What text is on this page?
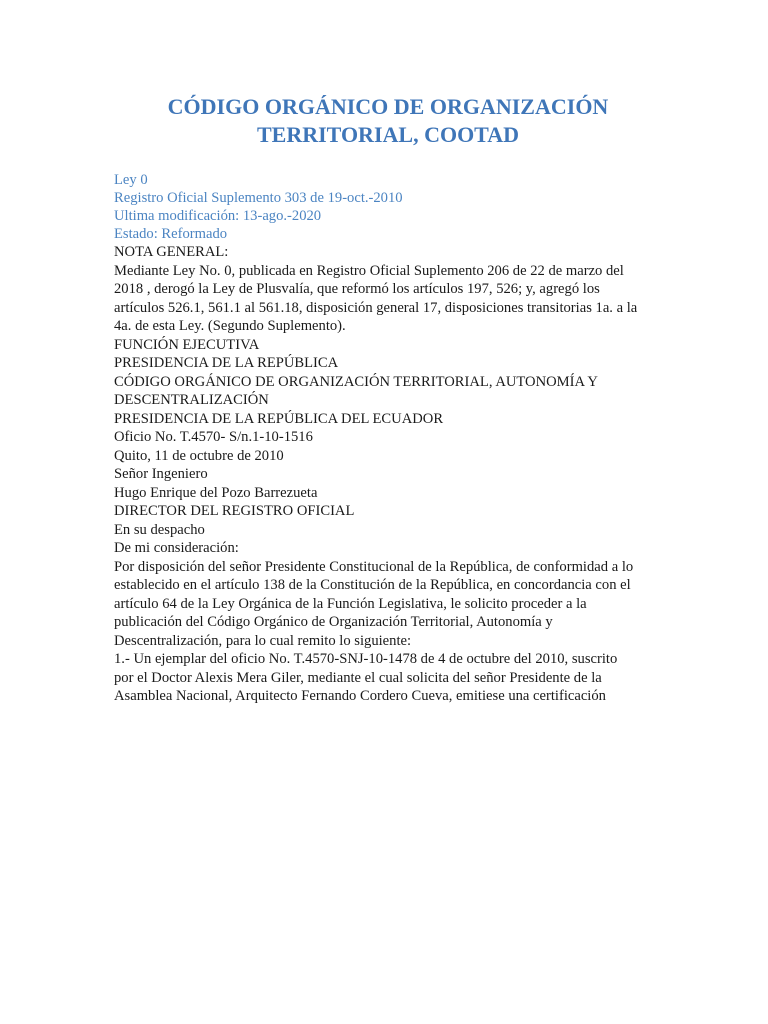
CÓDIGO ORGÁNICO DE ORGANIZACIÓN
TERRITORIAL, COOTAD
Ley 0
Registro Oficial Suplemento 303 de 19-oct.-2010
Ultima modificación: 13-ago.-2020
Estado: Reformado

NOTA GENERAL:

Mediante Ley No. 0, publicada en Registro Oficial Suplemento 206 de 22 de marzo del
2018 , derogó la Ley de Plusvalía, que reformó los artículos 197, 526; y, agregó los
artículos 526.1, 561.1 al 561.18, disposición general 17, disposiciones transitorias 1a. a la
4a. de esta Ley. (Segundo Suplemento).

FUNCIÓN EJECUTIVA
PRESIDENCIA DE LA REPÚBLICA

CÓDIGO ORGÁNICO DE ORGANIZACIÓN TERRITORIAL, AUTONOMÍA Y
DESCENTRALIZACIÓN

PRESIDENCIA DE LA REPÚBLICA DEL ECUADOR

Oficio No. T.4570- S/n.1-10-1516

Quito, 11 de octubre de 2010
Señor Ingeniero
Hugo Enrique del Pozo Barrezueta
DIRECTOR DEL REGISTRO OFICIAL

En su despacho

De mi consideración:

Por disposición del señor Presidente Constitucional de la República, de conformidad a lo
establecido en el artículo 138 de la Constitución de la República, en concordancia con el
artículo 64 de la Ley Orgánica de la Función Legislativa, le solicito proceder a la
publicación del Código Orgánico de Organización Territorial, Autonomía y
Descentralización, para lo cual remito lo siguiente:

1.- Un ejemplar del oficio No. T.4570-SNJ-10-1478 de 4 de octubre del 2010, suscrito
por el Doctor Alexis Mera Giler, mediante el cual solicita del señor Presidente de la
Asamblea Nacional, Arquitecto Fernando Cordero Cueva, emitiese una certificación
